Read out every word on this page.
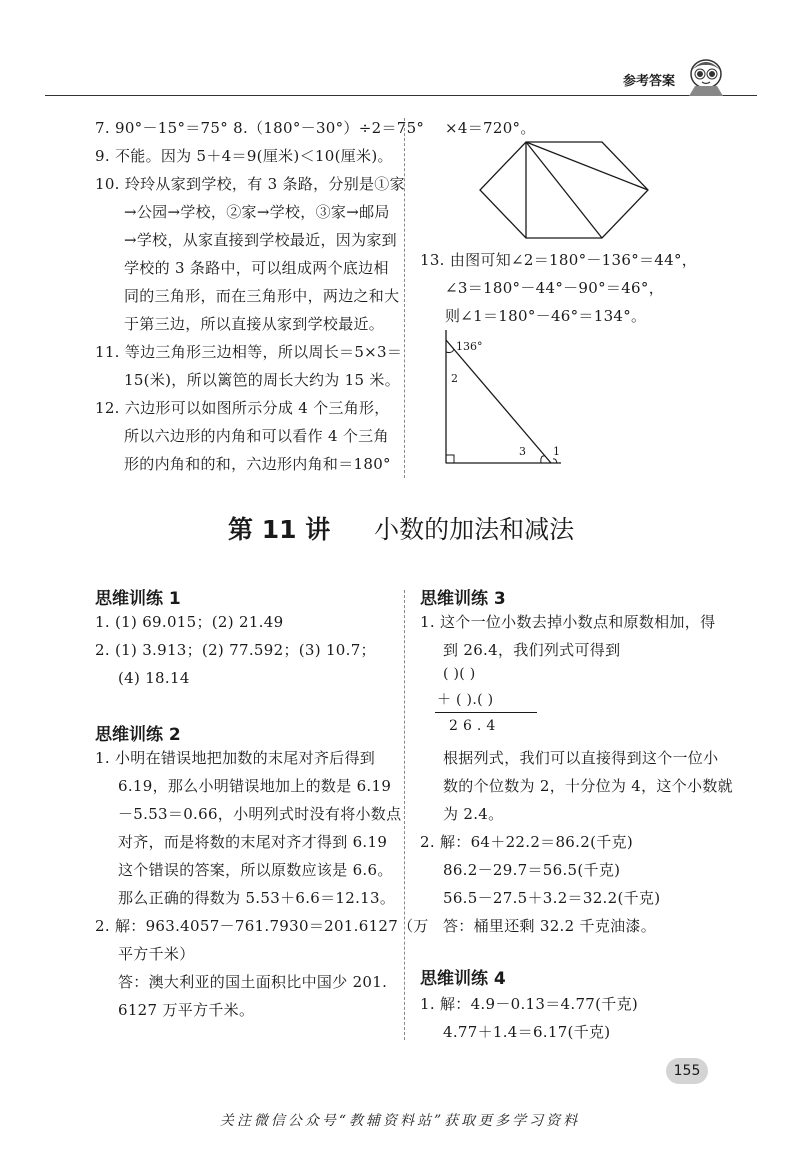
参考答案
7. 90°－15°＝75° 8.（180°－30°）÷2＝75°
9. 不能。因为 5＋4＝9(厘米)＜10(厘米)。
10. 玲玲从家到学校，有 3 条路，分别是①家
→公园→学校，②家→学校，③家→邮局
→学校，从家直接到学校最近，因为家到
学校的 3 条路中，可以组成两个底边相
同的三角形，而在三角形中，两边之和大
于第三边，所以直接从家到学校最近。
11. 等边三角形三边相等，所以周长＝5×3＝
15(米)，所以篱笆的周长大约为 15 米。
12. 六边形可以如图所示分成 4 个三角形，
所以六边形的内角和可以看作 4 个三角
形的内角和的和，六边形内角和＝180°
×4＝720°。
13. 由图可知∠2＝180°－136°＝44°，
∠3＝180°－44°－90°＝46°，
则∠1＝180°－46°＝134°。
136°
2
3 1
第 11 讲 小数的加法和减法
思维训练 1
1. (1) 69.015；(2) 21.49
2. (1) 3.913；(2) 77.592；(3) 10.7；
(4) 18.14
思维训练 2
1. 小明在错误地把加数的末尾对齐后得到
6.19，那么小明错误地加上的数是 6.19
－5.53＝0.66，小明列式时没有将小数点
对齐，而是将数的末尾对齐才得到 6.19
这个错误的答案，所以原数应该是 6.6。
那么正确的得数为 5.53＋6.6＝12.13。
2. 解：963.4057－761.7930＝201.6127（万
平方千米）
答：澳大利亚的国土面积比中国少 201.
6127 万平方千米。
思维训练 3
1. 这个一位小数去掉小数点和原数相加，得
到 26.4，我们列式可得到
( )( )
＋ ( ).( )
2 6 . 4
根据列式，我们可以直接得到这个一位小
数的个位数为 2，十分位为 4，这个小数就
为 2.4。
2. 解：64＋22.2＝86.2(千克)
86.2－29.7＝56.5(千克)
56.5－27.5＋3.2＝32.2(千克)
答：桶里还剩 32.2 千克油漆。
思维训练 4
1. 解：4.9－0.13＝4.77(千克)
4.77＋1.4＝6.17(千克)
155
关注微信公众号“教辅资料站”获取更多学习资料
